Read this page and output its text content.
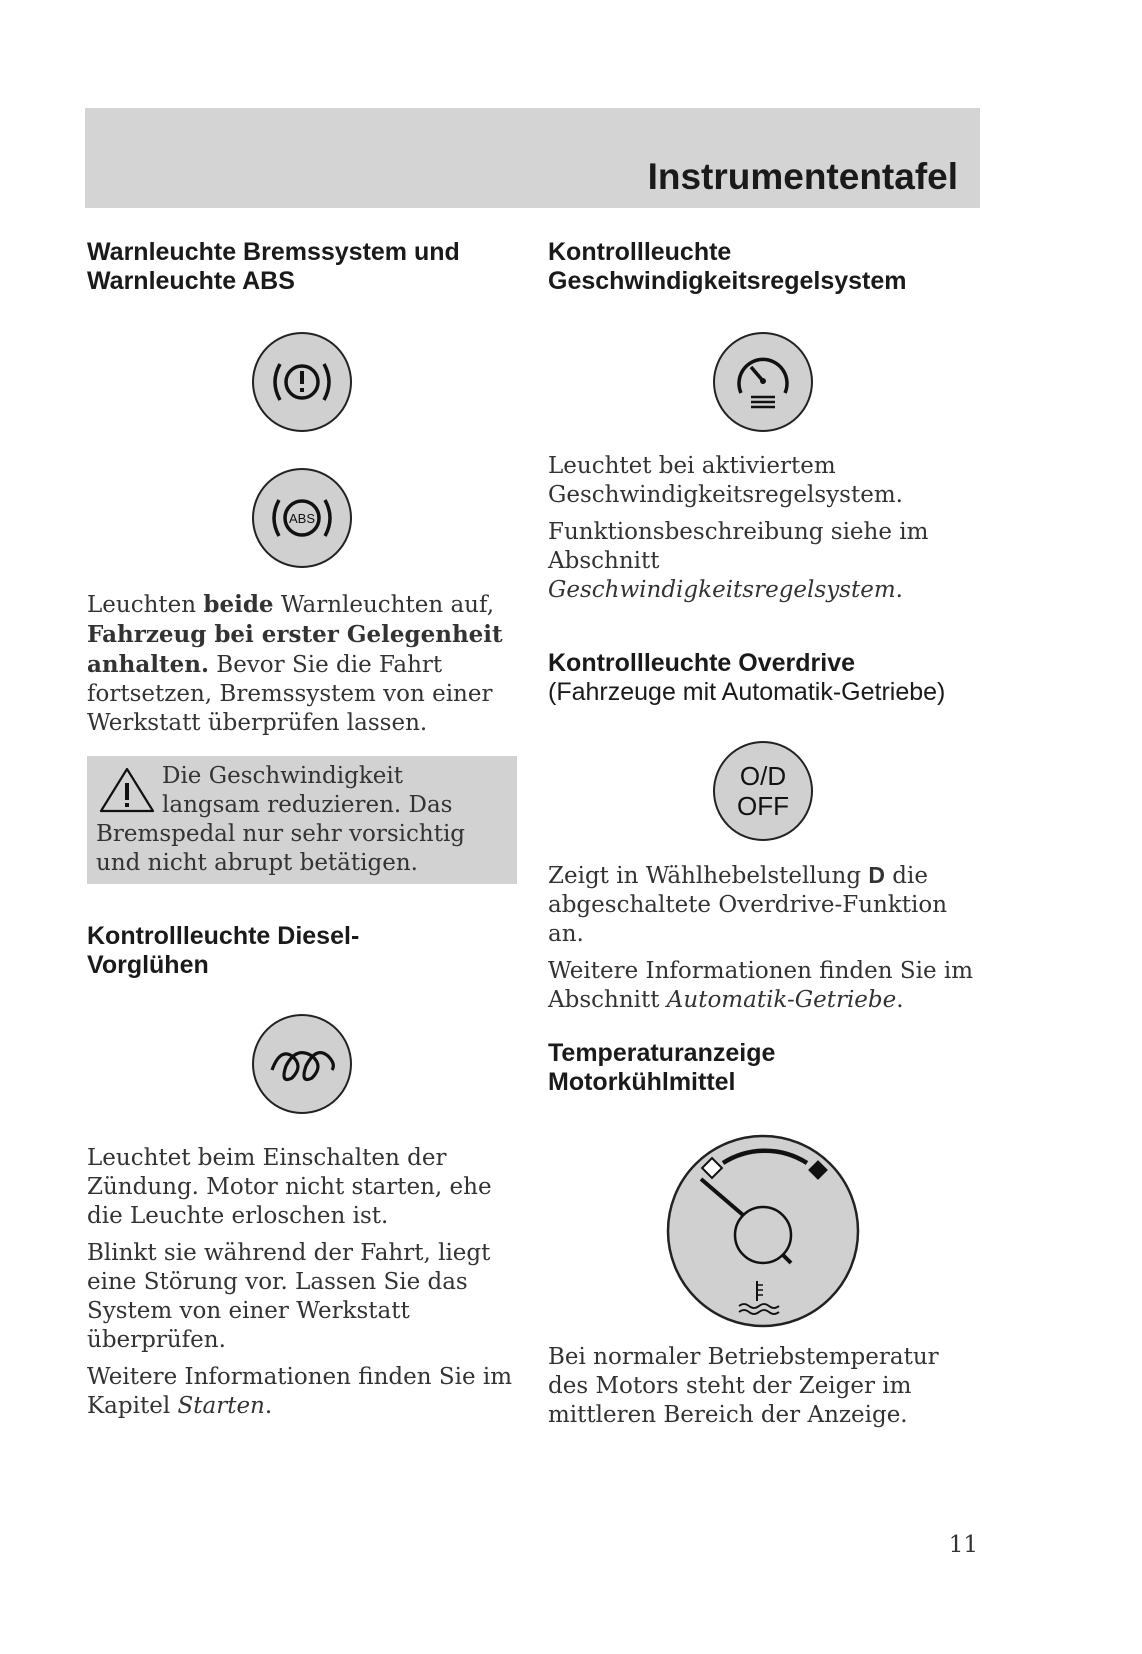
Instrumententafel
Warnleuchte Bremssystem und
Warnleuchte ABS
ABS

Leuchten beide Warnleuchten auf, Fahrzeug bei erster Gelegenheit anhalten. Bevor Sie die Fahrt fortsetzen, Bremssystem von einer Werkstatt überprüfen lassen.

Die Geschwindigkeit langsam reduzieren. Das Bremspedal nur sehr vorsichtig und nicht abrupt betätigen.

Kontrollleuchte Diesel-
Vorglühen

Leuchtet beim Einschalten der Zündung. Motor nicht starten, ehe die Leuchte erloschen ist.

Blinkt sie während der Fahrt, liegt eine Störung vor. Lassen Sie das System von einer Werkstatt überprüfen.

Weitere Informationen finden Sie im Kapitel Starten.

Kontrollleuchte
Geschwindigkeitsregelsystem

Leuchtet bei aktiviertem Geschwindigkeitsregelsystem.

Funktionsbeschreibung siehe im Abschnitt Geschwindigkeitsregelsystem.

Kontrollleuchte Overdrive
(Fahrzeuge mit Automatik-Getriebe)
O/D
OFF

Zeigt in Wählhebelstellung D die abgeschaltete Overdrive-Funktion an.

Weitere Informationen finden Sie im Abschnitt Automatik-Getriebe.

Temperaturanzeige
Motorkühlmittel

Bei normaler Betriebstemperatur des Motors steht der Zeiger im mittleren Bereich der Anzeige.

11
